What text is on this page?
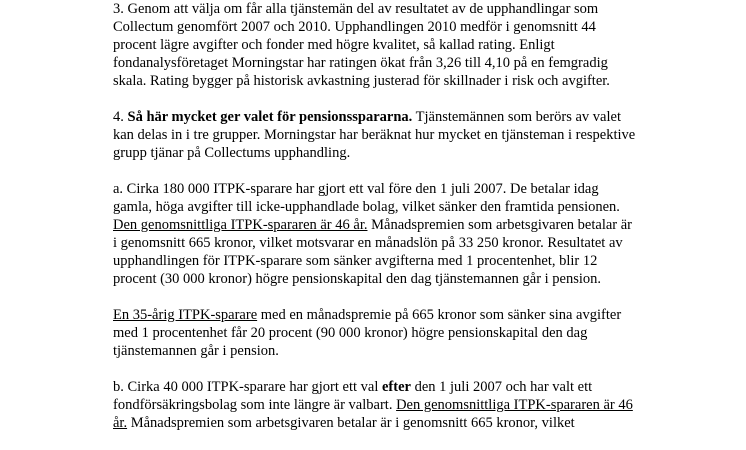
3. Genom att välja om får alla tjänstemän del av resultatet av de upphandlingar som
Collectum genomfört 2007 och 2010. Upphandlingen 2010 medför i genomsnitt 44
procent lägre avgifter och fonder med högre kvalitet, så kallad rating. Enligt
fondanalysföretaget Morningstar har ratingen ökat från 3,26 till 4,10 på en femgradig
skala. Rating bygger på historisk avkastning justerad för skillnader i risk och avgifter.
4. Så här mycket ger valet för pensionsspararna. Tjänstemännen som berörs av valet
kan delas in i tre grupper. Morningstar har beräknat hur mycket en tjänsteman i respektive
grupp tjänar på Collectums upphandling.
a. Cirka 180 000 ITPK-sparare har gjort ett val före den 1 juli 2007. De betalar idag
gamla, höga avgifter till icke-upphandlade bolag, vilket sänker den framtida pensionen.
Den genomsnittliga ITPK-spararen är 46 år. Månadspremien som arbetsgivaren betalar är
i genomsnitt 665 kronor, vilket motsvarar en månadslön på 33 250 kronor. Resultatet av
upphandlingen för ITPK-sparare som sänker avgifterna med 1 procentenhet, blir 12
procent (30 000 kronor) högre pensionskapital den dag tjänstemannen går i pension.
En 35-årig ITPK-sparare med en månadspremie på 665 kronor som sänker sina avgifter
med 1 procentenhet får 20 procent (90 000 kronor) högre pensionskapital den dag
tjänstemannen går i pension.
b. Cirka 40 000 ITPK-sparare har gjort ett val efter den 1 juli 2007 och har valt ett
fondförsäkringsbolag som inte längre är valbart. Den genomsnittliga ITPK-spararen är 46
år. Månadspremien som arbetsgivaren betalar är i genomsnitt 665 kronor, vilket
